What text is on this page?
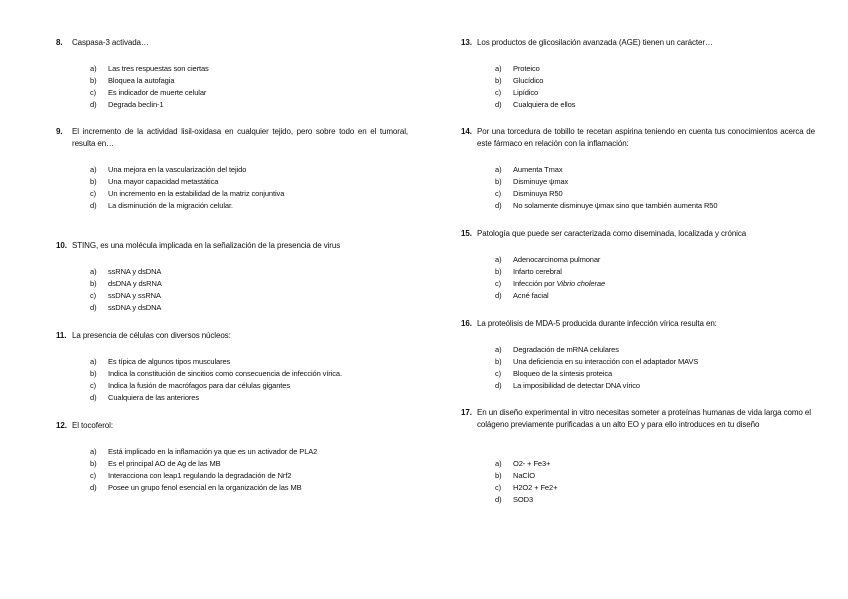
8.	Caspasa-3 activada…
a)	Las tres respuestas son ciertas
b)	Bloquea la autofagia
c)	Es indicador de muerte celular
d)	Degrada beclin-1
9.	El incremento de la actividad lisil-oxidasa en cualquier tejido, pero sobre todo en el tumoral, resulta en…
a)	Una mejora en la vascularización del tejido
b)	Una mayor capacidad metastática
c)	Un incremento en la estabilidad de la matriz conjuntiva
d)	La disminución de la migración celular.
10. STING, es una molécula implicada en la señalización de la presencia de virus
a)	ssRNA y dsDNA
b)	dsDNA y dsRNA
c)	ssDNA y ssRNA
d)	ssDNA y dsDNA
11. La presencia de células con diversos núcleos:
a)	Es típica de algunos tipos musculares
b)	Indica la constitución de sincitios como consecuencia de infección vírica.
c)	Indica la fusión de macrófagos para dar células gigantes
d)	Cualquiera de las anteriores
12. El tocoferol:
a)	Está implicado en la inflamación ya que es un activador de PLA2
b)	Es el principal AO de Ag de las MB
c)	Interacciona con leap1 regulando la degradación de Nrf2
d)	Posee un grupo fenol esencial en la organización de las MB
13. Los productos de glicosilación avanzada (AGE) tienen un carácter…
a)	Proteico
b)	Glucídico
c)	Lipídico
d)	Cualquiera de ellos
14. Por una torcedura de tobillo te recetan aspirina teniendo en cuenta tus conocimientos acerca de este fármaco en relación con la inflamación:
a)	Aumenta Tmax
b)	Disminuye ψmax
c)	Disminuya R50
d)	No solamente disminuye ψmax sino que también aumenta R50
15. Patología que puede ser caracterizada como diseminada, localizada y crónica
a)	Adenocarcinoma pulmonar
b)	Infarto cerebral
c)	Infección por Vibrio cholerae
d)	Acné facial
16. La proteólisis de MDA-5 producida durante infección vírica resulta en:
a)	Degradación de mRNA celulares
b)	Una deficiencia en su interacción con el adaptador MAVS
c)	Bloqueo de la síntesis proteica
d)	La imposibilidad de detectar DNA vírico
17. En un diseño experimental in vitro necesitas someter a proteínas humanas de vida larga como el colágeno previamente purificadas a un alto EO y para ello introduces en tu diseño
a)	O2- + Fe3+
b)	NaClO
c)	H2O2 + Fe2+
d)	SOD3
